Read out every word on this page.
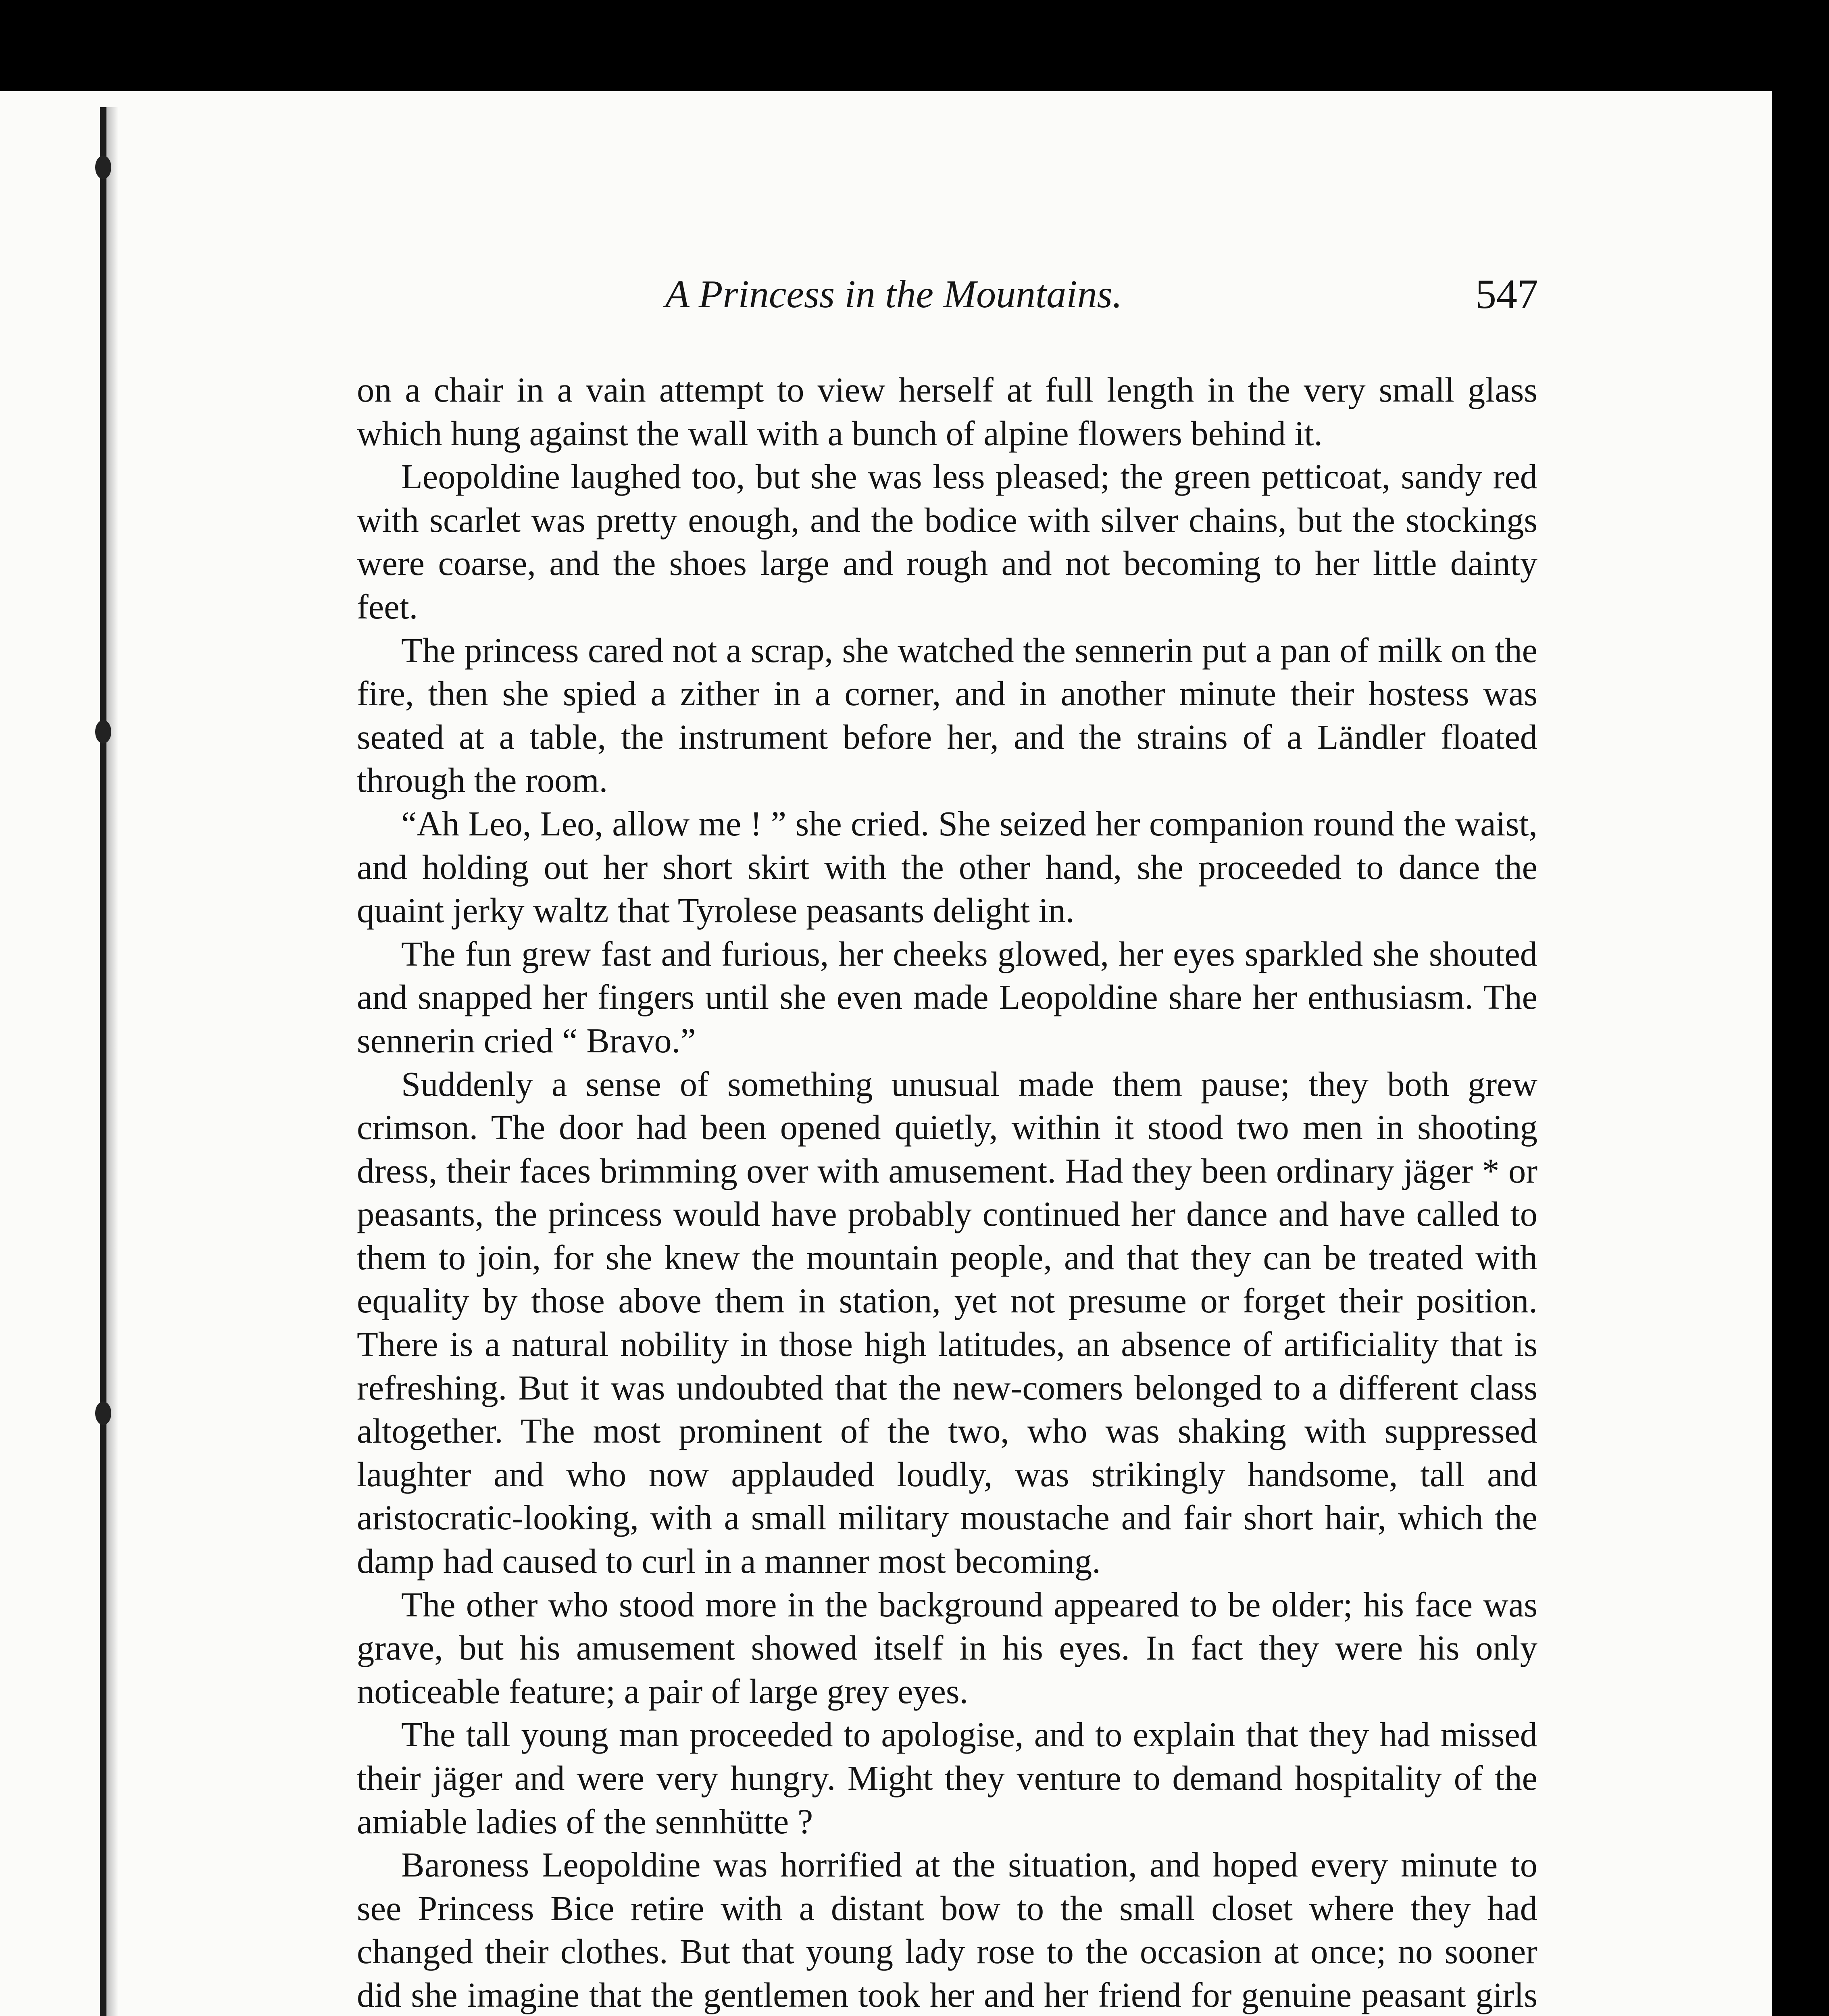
A Princess in the Mountains.	547

on a chair in a vain attempt to view herself at full length in the very small glass which hung against the wall with a bunch of alpine flowers behind it.

Leopoldine laughed too, but she was less pleased; the green petticoat, sandy red with scarlet was pretty enough, and the bodice with silver chains, but the stockings were coarse, and the shoes large and rough and not becoming to her little dainty feet.

The princess cared not a scrap, she watched the sennerin put a pan of milk on the fire, then she spied a zither in a corner, and in another minute their hostess was seated at a table, the instrument before her, and the strains of a Ländler floated through the room.

“Ah Leo, Leo, allow me ! ” she cried. She seized her companion round the waist, and holding out her short skirt with the other hand, she proceeded to dance the quaint jerky waltz that Tyrolese peasants delight in.

The fun grew fast and furious, her cheeks glowed, her eyes sparkled she shouted and snapped her fingers until she even made Leopoldine share her enthusiasm. The sennerin cried “ Bravo.”

Suddenly a sense of something unusual made them pause; they both grew crimson. The door had been opened quietly, within it stood two men in shooting dress, their faces brimming over with amusement. Had they been ordinary jäger * or peasants, the princess would have probably continued her dance and have called to them to join, for she knew the mountain people, and that they can be treated with equality by those above them in station, yet not presume or forget their position. There is a natural nobility in those high latitudes, an absence of artificiality that is refreshing. But it was undoubted that the new-comers belonged to a different class altogether. The most prominent of the two, who was shaking with suppressed laughter and who now applauded loudly, was strikingly handsome, tall and aristocratic-looking, with a small military moustache and fair short hair, which the damp had caused to curl in a manner most becoming.

The other who stood more in the background appeared to be older; his face was grave, but his amusement showed itself in his eyes. In fact they were his only noticeable feature; a pair of large grey eyes.

The tall young man proceeded to apologise, and to explain that they had missed their jäger and were very hungry. Might they venture to demand hospitality of the amiable ladies of the sennhütte ?

Baroness Leopoldine was horrified at the situation, and hoped every minute to see Princess Bice retire with a distant bow to the small closet where they had changed their clothes. But that young lady rose to the occasion at once; no sooner did she imagine that the gentlemen took her and her friend for genuine peasant girls
